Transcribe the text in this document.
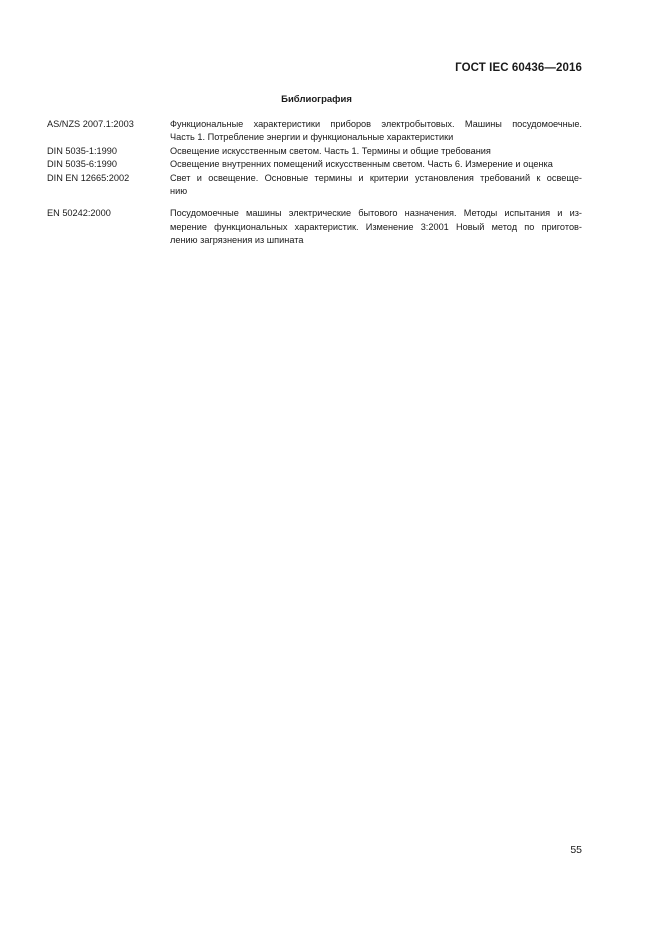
ГОСТ IEC 60436—2016
Библиография
AS/NZS 2007.1:2003	Функциональные характеристики приборов электробытовых. Машины посудомоечные.
Часть 1. Потребление энергии и функциональные характеристики
DIN 5035-1:1990	Освещение искусственным светом. Часть 1. Термины и общие требования
DIN 5035-6:1990	Освещение внутренних помещений искусственным светом. Часть 6. Измерение и оценка
DIN EN 12665:2002	Свет и освещение. Основные термины и критерии установления требований к освеще-
нию
EN 50242:2000	Посудомоечные машины электрические бытового назначения. Методы испытания и из-
мерение функциональных характеристик. Изменение 3:2001 Новый метод по приготов-
лению загрязнения из шпината
55
